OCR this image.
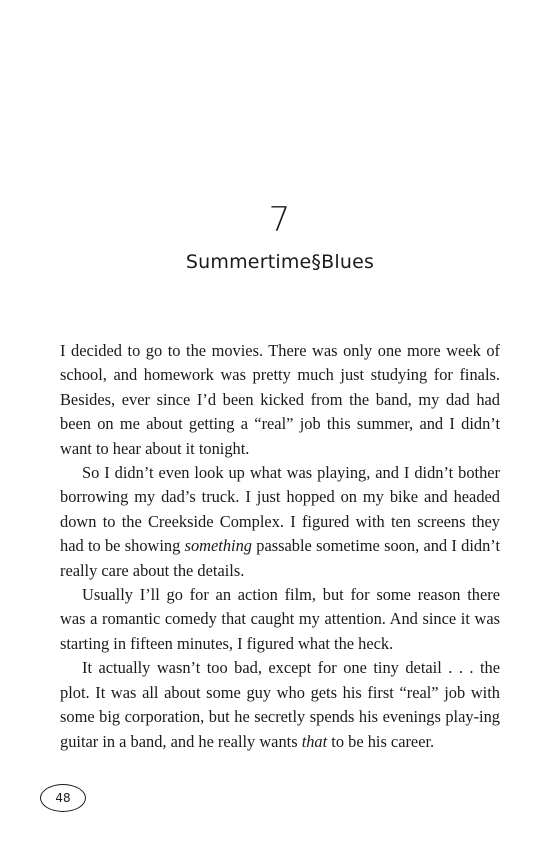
7
Summertime§Blues

I decided to go to the movies. There was only one more week of school, and homework was pretty much just studying for finals. Besides, ever since I’d been kicked from the band, my dad had been on me about getting a “real” job this summer, and I didn’t want to hear about it tonight.

So I didn’t even look up what was playing, and I didn’t bother borrowing my dad’s truck. I just hopped on my bike and headed down to the Creekside Complex. I figured with ten screens they had to be showing something passable sometime soon, and I didn’t really care about the details.

Usually I’ll go for an action film, but for some reason there was a romantic comedy that caught my attention. And since it was starting in fifteen minutes, I figured what the heck.

It actually wasn’t too bad, except for one tiny detail . . . the plot. It was all about some guy who gets his first “real” job with some big corporation, but he secretly spends his evenings play-ing guitar in a band, and he really wants that to be his career.

48
